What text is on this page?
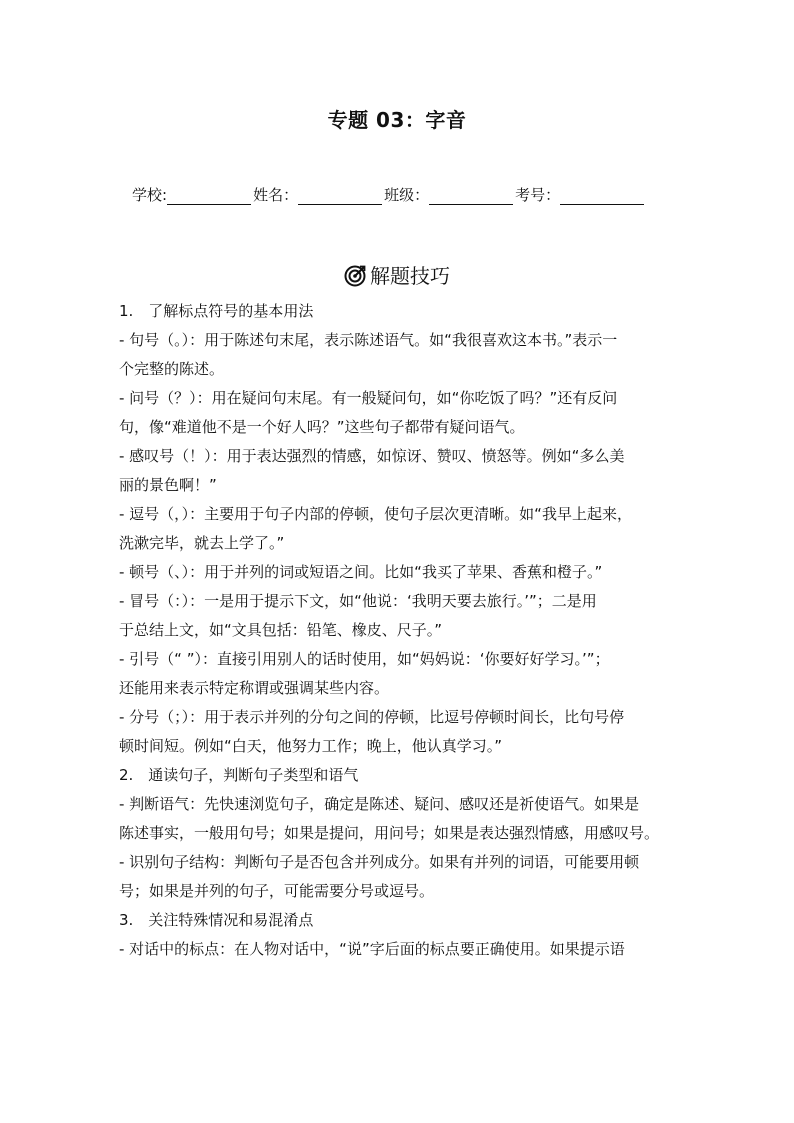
专题 03：字音
学校:	姓名：	班级：	考号：
解题技巧
1.　了解标点符号的基本用法
- 句号（。）：用于陈述句末尾，表示陈述语气。如“我很喜欢这本书。”表示一
个完整的陈述。
- 问号（？）：用在疑问句末尾。有一般疑问句，如“你吃饭了吗？”还有反问
句，像“难道他不是一个好人吗？”这些句子都带有疑问语气。
- 感叹号（！）：用于表达强烈的情感，如惊讶、赞叹、愤怒等。例如“多么美
丽的景色啊！”
- 逗号（，）：主要用于句子内部的停顿，使句子层次更清晰。如“我早上起来，
洗漱完毕，就去上学了。”
- 顿号（、）：用于并列的词或短语之间。比如“我买了苹果、香蕉和橙子。”
- 冒号（：）：一是用于提示下文，如“他说：‘我明天要去旅行。’”；二是用
于总结上文，如“文具包括：铅笔、橡皮、尺子。”
- 引号（“ ”）：直接引用别人的话时使用，如“妈妈说：‘你要好好学习。’”；
还能用来表示特定称谓或强调某些内容。
- 分号（；）：用于表示并列的分句之间的停顿，比逗号停顿时间长，比句号停
顿时间短。例如“白天，他努力工作；晚上，他认真学习。”
2.　通读句子，判断句子类型和语气
- 判断语气：先快速浏览句子，确定是陈述、疑问、感叹还是祈使语气。如果是
陈述事实，一般用句号；如果是提问，用问号；如果是表达强烈情感，用感叹号。
- 识别句子结构：判断句子是否包含并列成分。如果有并列的词语，可能要用顿
号；如果是并列的句子，可能需要分号或逗号。
3.　关注特殊情况和易混淆点
- 对话中的标点：在人物对话中，“说”字后面的标点要正确使用。如果提示语
